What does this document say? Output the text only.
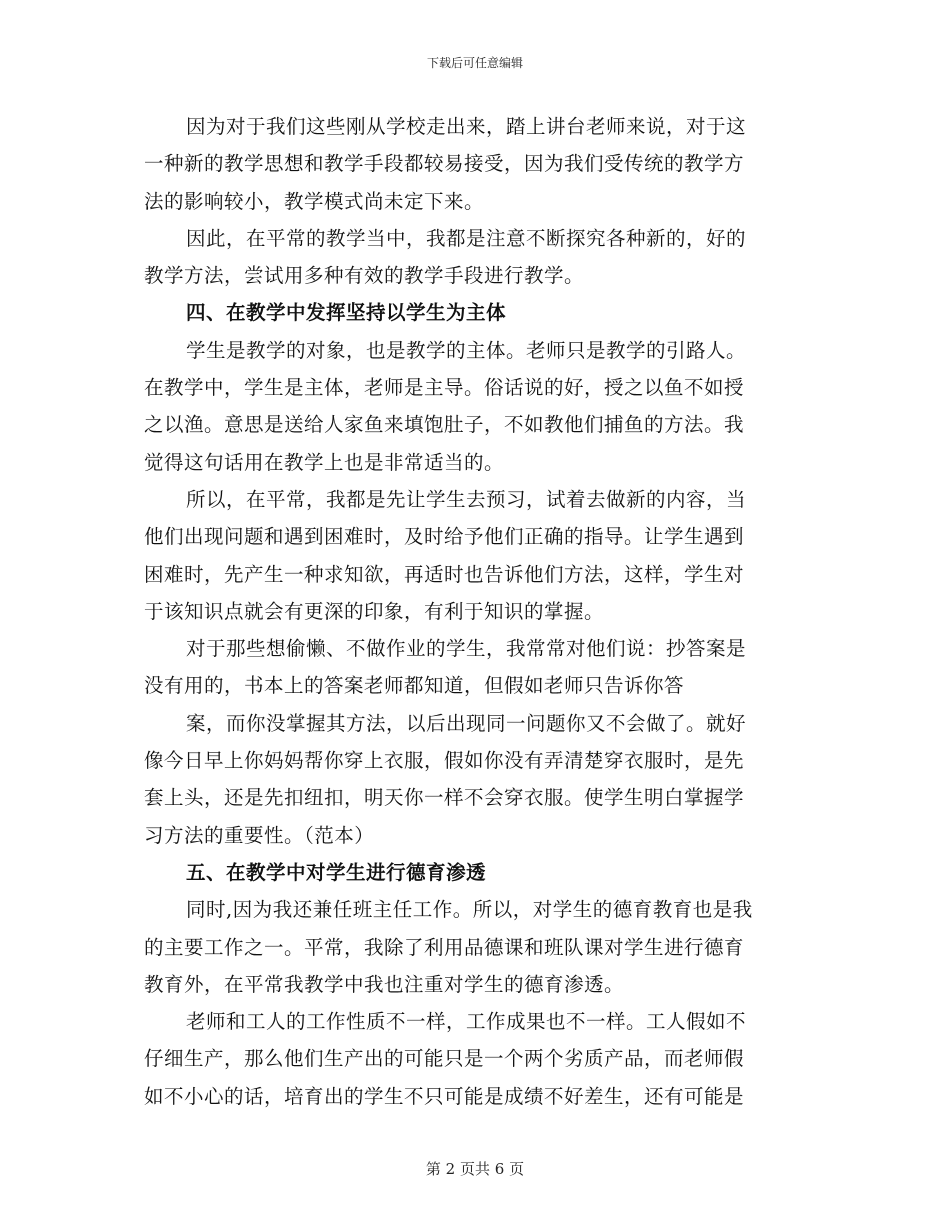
下载后可任意编辑
因为对于我们这些刚从学校走出来，踏上讲台老师来说，对于这
一种新的教学思想和教学手段都较易接受，因为我们受传统的教学方
法的影响较小，教学模式尚未定下来。
因此，在平常的教学当中，我都是注意不断探究各种新的，好的
教学方法，尝试用多种有效的教学手段进行教学。
四、在教学中发挥坚持以学生为主体
学生是教学的对象，也是教学的主体。老师只是教学的引路人。
在教学中，学生是主体，老师是主导。俗话说的好，授之以鱼不如授
之以渔。意思是送给人家鱼来填饱肚子，不如教他们捕鱼的方法。我
觉得这句话用在教学上也是非常适当的。
所以，在平常，我都是先让学生去预习，试着去做新的内容，当
他们出现问题和遇到困难时，及时给予他们正确的指导。让学生遇到
困难时，先产生一种求知欲，再适时也告诉他们方法，这样，学生对
于该知识点就会有更深的印象，有利于知识的掌握。
对于那些想偷懒、不做作业的学生，我常常对他们说：抄答案是
没有用的，书本上的答案老师都知道，但假如老师只告诉你答
案，而你没掌握其方法，以后出现同一问题你又不会做了。就好
像今日早上你妈妈帮你穿上衣服，假如你没有弄清楚穿衣服时，是先
套上头，还是先扣纽扣，明天你一样不会穿衣服。使学生明白掌握学
习方法的重要性。（范本）
五、在教学中对学生进行德育渗透
同时,因为我还兼任班主任工作。所以，对学生的德育教育也是我
的主要工作之一。平常，我除了利用品德课和班队课对学生进行德育
教育外，在平常我教学中我也注重对学生的德育渗透。
老师和工人的工作性质不一样，工作成果也不一样。工人假如不
仔细生产，那么他们生产出的可能只是一个两个劣质产品，而老师假
如不小心的话，培育出的学生不只可能是成绩不好差生，还有可能是
第 2 页共 6 页
